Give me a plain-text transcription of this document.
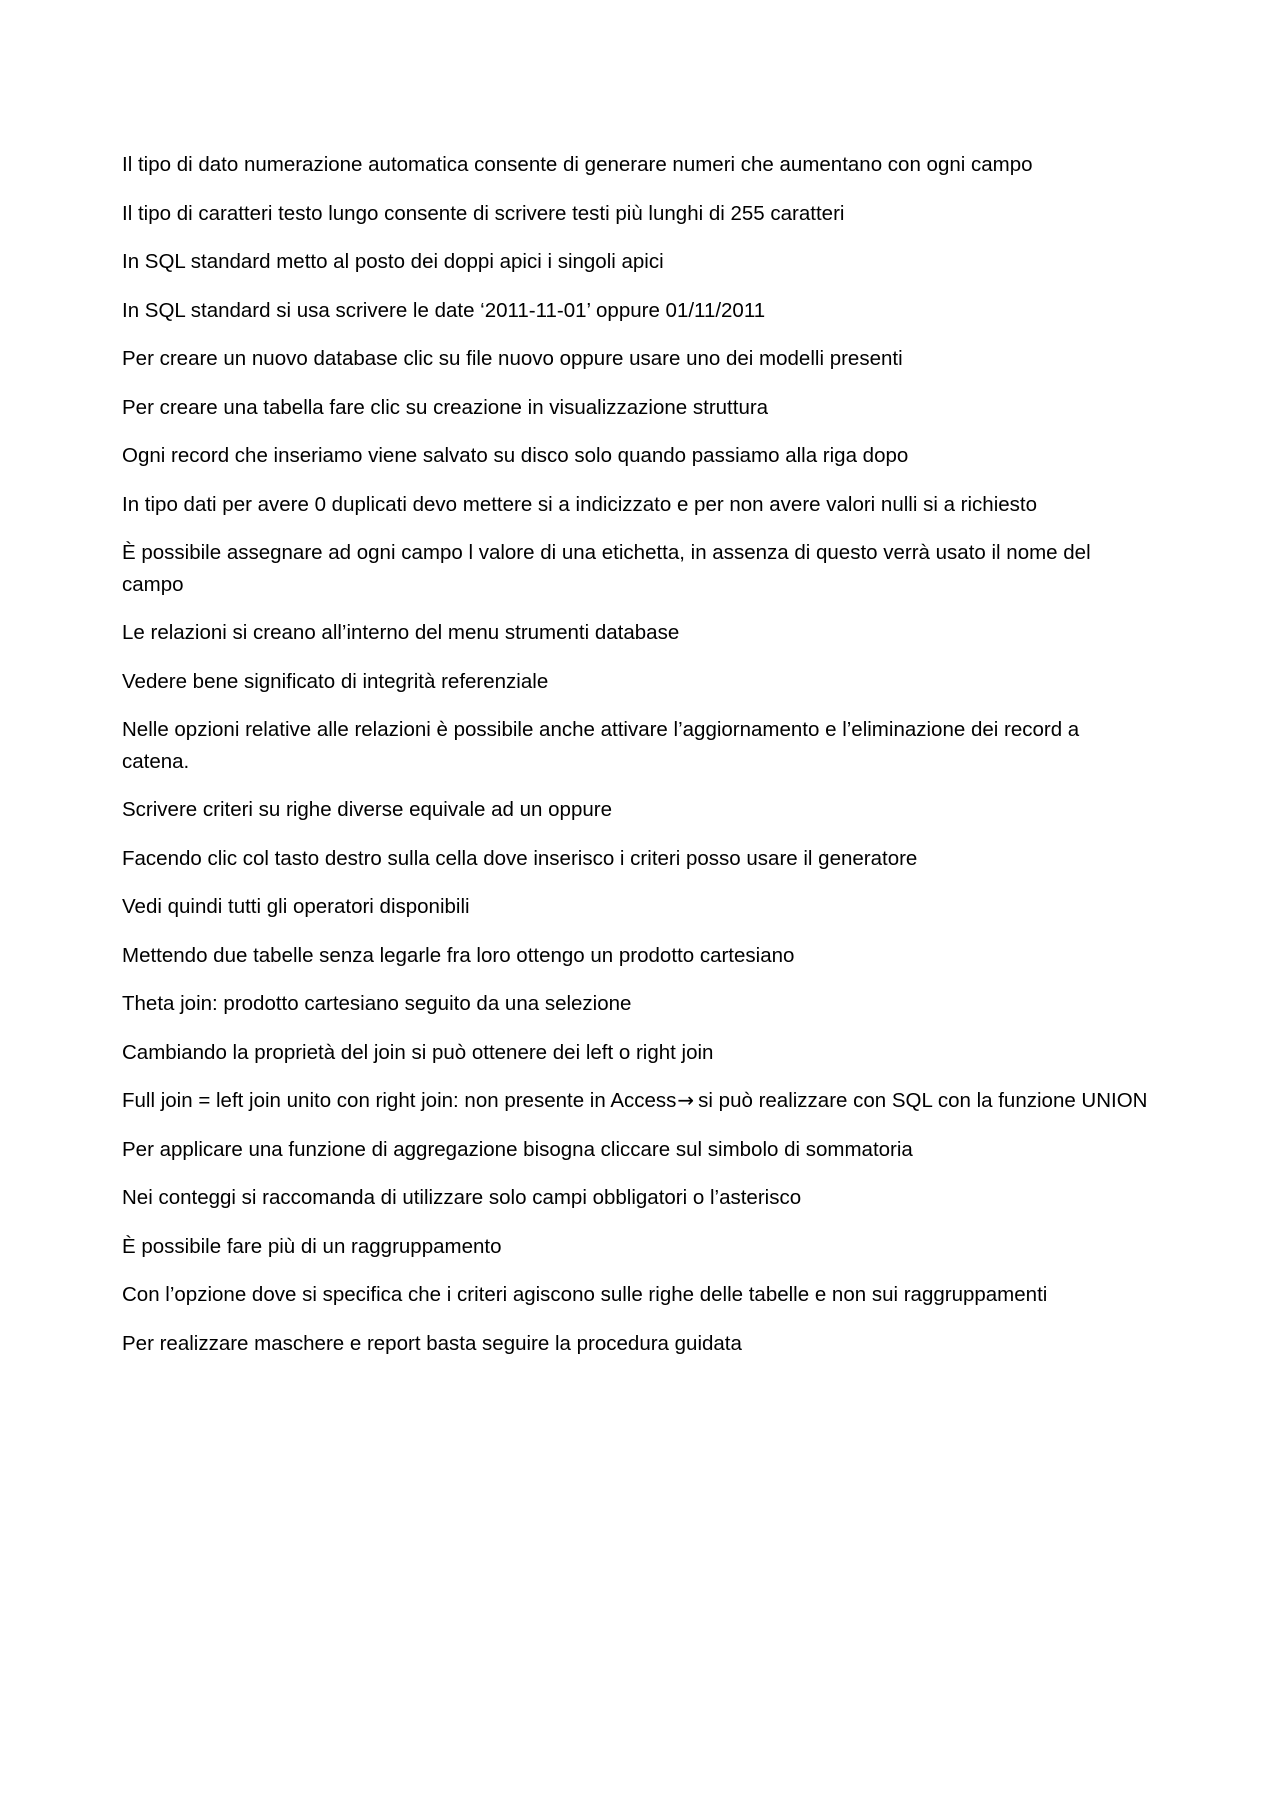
Il tipo di dato numerazione automatica consente di generare numeri che aumentano con ogni campo

Il tipo di caratteri testo lungo consente di scrivere testi più lunghi di 255 caratteri

In SQL standard metto al posto dei doppi apici i singoli apici

In SQL standard si usa scrivere le date ‘2011-11-01’ oppure 01/11/2011

Per creare un nuovo database clic su file nuovo oppure usare uno dei modelli presenti

Per creare una tabella fare clic su creazione in visualizzazione struttura

Ogni record che inseriamo viene salvato su disco solo quando passiamo alla riga dopo

In tipo dati per avere 0 duplicati devo mettere si a indicizzato e per non avere valori nulli si a richiesto

È possibile assegnare ad ogni campo l valore di una etichetta, in assenza di questo verrà usato il nome del campo

Le relazioni si creano all’interno del menu strumenti database

Vedere bene significato di integrità referenziale

Nelle opzioni relative alle relazioni è possibile anche attivare l’aggiornamento e l’eliminazione dei record a catena.

Scrivere criteri su righe diverse equivale ad un oppure

Facendo clic col tasto destro sulla cella dove inserisco i criteri posso usare il generatore

Vedi quindi tutti gli operatori disponibili

Mettendo due tabelle senza legarle fra loro ottengo un prodotto cartesiano

Theta join: prodotto cartesiano seguito da una selezione

Cambiando la proprietà del join si può ottenere dei left o right join

Full join = left join unito con right join: non presente in Access→ si può realizzare con SQL con la funzione UNION

Per applicare una funzione di aggregazione bisogna cliccare sul simbolo di sommatoria

Nei conteggi si raccomanda di utilizzare solo campi obbligatori o l’asterisco

È possibile fare più di un raggruppamento

Con l’opzione dove si specifica che i criteri agiscono sulle righe delle tabelle e non sui raggruppamenti

Per realizzare maschere e report basta seguire la procedura guidata
